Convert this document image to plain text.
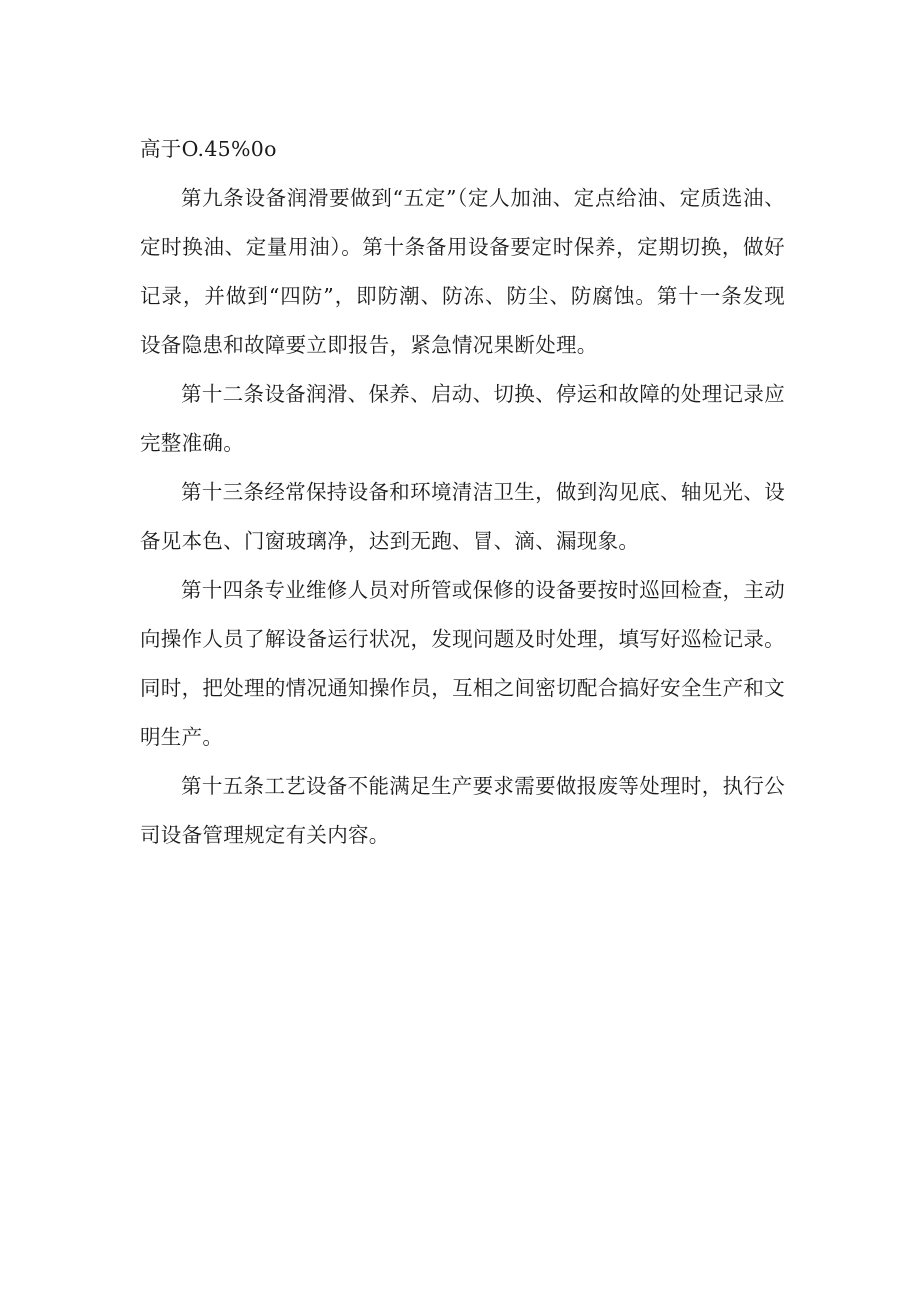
高于O.45%0o

第九条设备润滑要做到“五定”（定人加油、定点给油、定质选油、定时换油、定量用油）。第十条备用设备要定时保养，定期切换，做好记录，并做到“四防”，即防潮、防冻、防尘、防腐蚀。第十一条发现设备隐患和故障要立即报告，紧急情况果断处理。

第十二条设备润滑、保养、启动、切换、停运和故障的处理记录应完整准确。

第十三条经常保持设备和环境清洁卫生，做到沟见底、轴见光、设备见本色、门窗玻璃净，达到无跑、冒、滴、漏现象。

第十四条专业维修人员对所管或保修的设备要按时巡回检查，主动向操作人员了解设备运行状况，发现问题及时处理，填写好巡检记录。同时，把处理的情况通知操作员，互相之间密切配合搞好安全生产和文明生产。

第十五条工艺设备不能满足生产要求需要做报废等处理时，执行公司设备管理规定有关内容。
